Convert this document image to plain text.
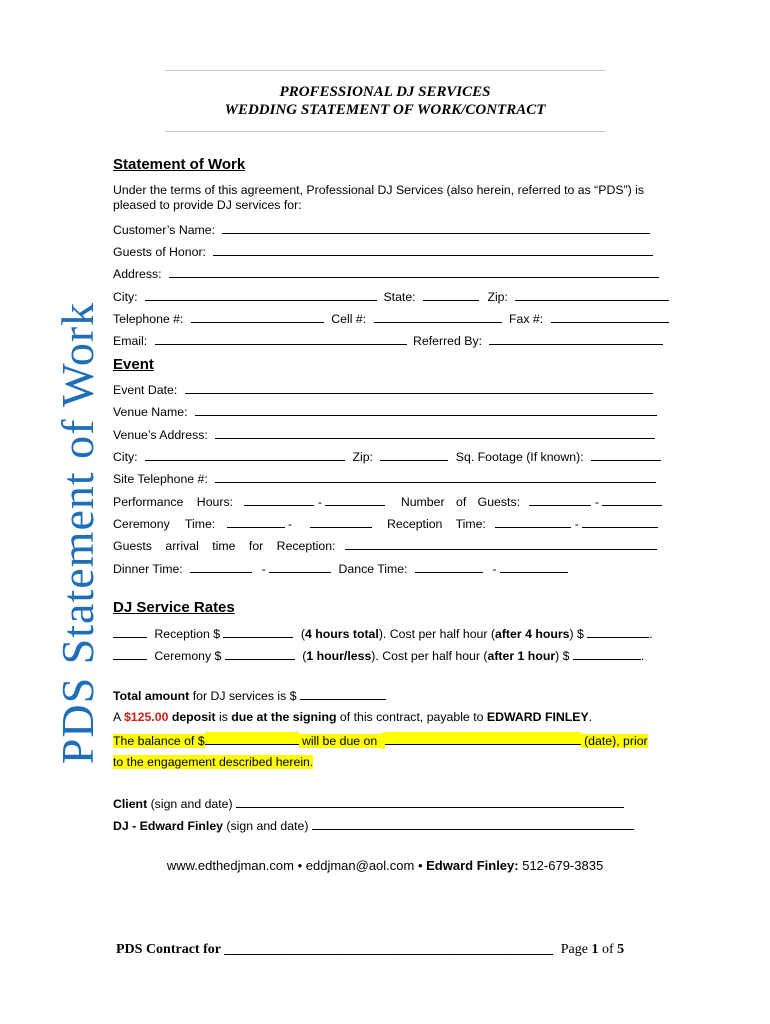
PROFESSIONAL DJ SERVICES
WEDDING STATEMENT OF WORK/CONTRACT
PDS Statement of Work
Statement of Work
Under the terms of this agreement, Professional DJ Services (also herein, referred to as “PDS”) is
pleased to provide DJ services for:
Customer’s Name:
Guests of Honor:
Address:
City:	State:	Zip:
Telephone #:	Cell #:	Fax #:
Email:	Referred By:
Event
Event Date:
Venue Name:
Venue’s Address:
City:	Zip:	Sq. Footage (If known):
Site Telephone #:
Performance Hours:	-	Number of Guests:	-
Ceremony Time:	-	Reception Time:	-
Guests arrival time for Reception:
Dinner Time:	-	Dance Time:	-
DJ Service Rates
Reception $	(4 hours total). Cost per half hour (after 4 hours) $	.
Ceremony $	(1 hour/less). Cost per half hour (after 1 hour) $	.
Total amount for DJ services is $
A $125.00 deposit is due at the signing of this contract, payable to EDWARD FINLEY.
The balance of $	will be due on	(date), prior
to the engagement described herein.
Client (sign and date)
DJ - Edward Finley (sign and date)
www.edthedjman.com • eddjman@aol.com • Edward Finley: 512-679-3835
PDS Contract for _______________________________________________ Page 1 of 5
